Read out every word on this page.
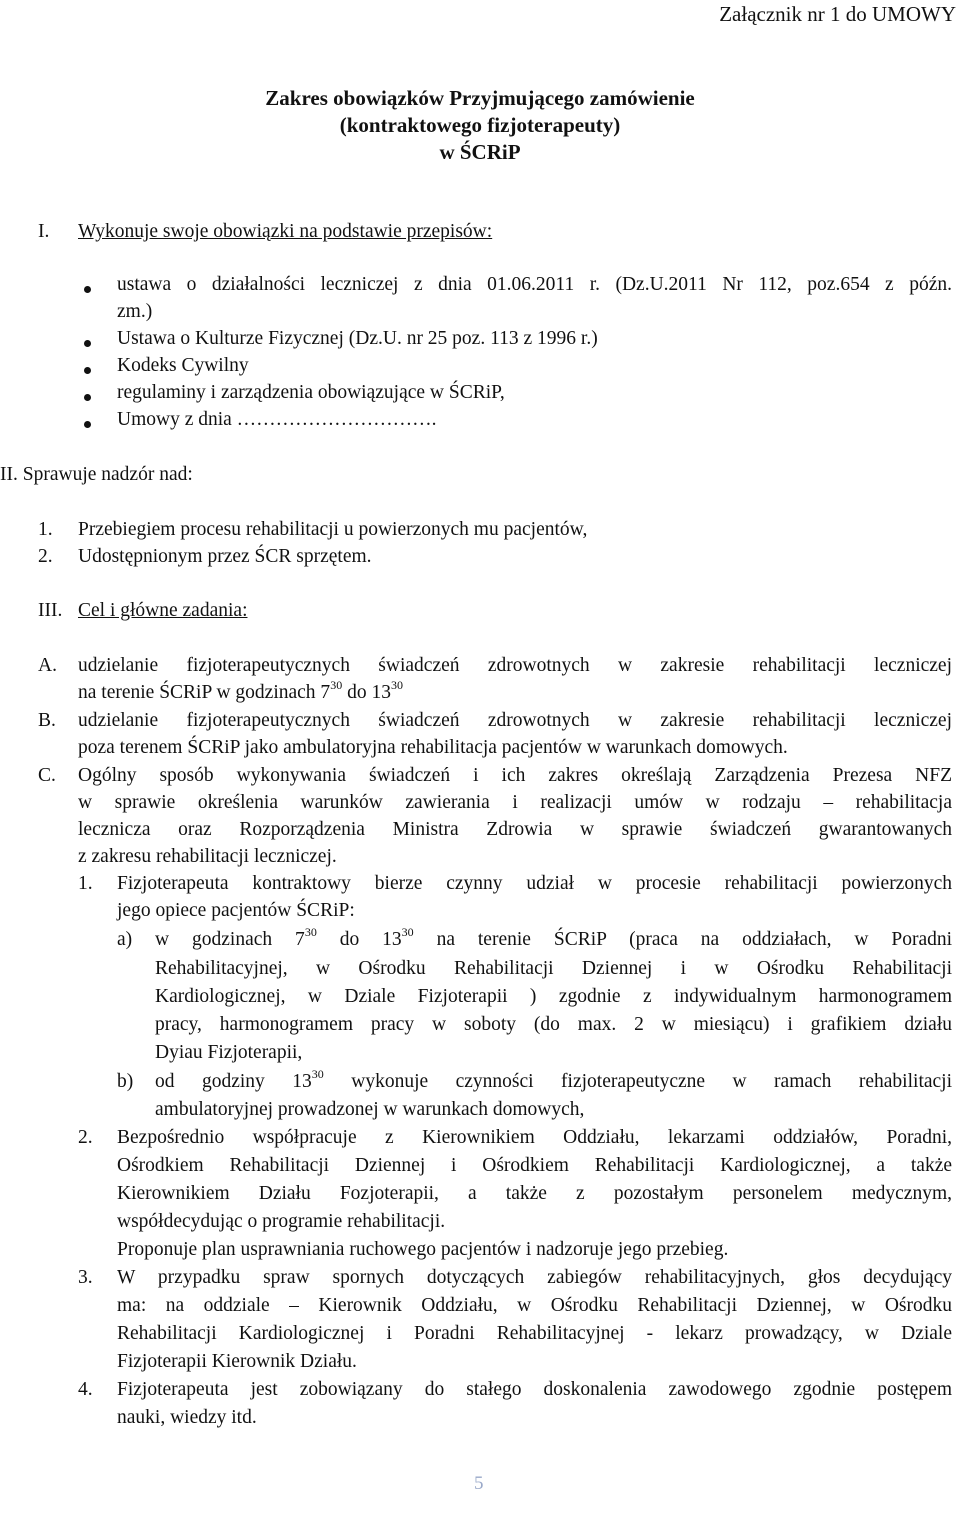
Załącznik nr 1 do UMOWY
Zakres obowiązków Przyjmującego zamówienie
(kontraktowego fizjoterapeuty)
w ŚCRiP
I. Wykonuje swoje obowiązki na podstawie przepisów:
ustawa o działalności leczniczej z dnia 01.06.2011 r. (Dz.U.2011 Nr 112, poz.654 z późn.
zm.)
Ustawa o Kulturze Fizycznej (Dz.U. nr 25 poz. 113 z 1996 r.)
Kodeks Cywilny
regulaminy i zarządzenia obowiązujące w ŚCRiP,
Umowy z dnia ………………………….
II. Sprawuje nadzór nad:
1. Przebiegiem procesu rehabilitacji u powierzonych mu pacjentów,
2. Udostępnionym przez ŚCR sprzętem.
III. Cel i główne zadania:
A. udzielanie fizjoterapeutycznych świadczeń zdrowotnych w zakresie rehabilitacji leczniczej
na terenie ŚCRiP w godzinach $7^{30}$ do $13^{30}$
B. udzielanie fizjoterapeutycznych świadczeń zdrowotnych w zakresie rehabilitacji leczniczej
poza terenem ŚCRiP jako ambulatoryjna rehabilitacja pacjentów w warunkach domowych.
C. Ogólny sposób wykonywania świadczeń i ich zakres określają Zarządzenia Prezesa NFZ
w sprawie określenia warunków zawierania i realizacji umów w rodzaju – rehabilitacja
lecznicza oraz Rozporządzenia Ministra Zdrowia w sprawie świadczeń gwarantowanych
z zakresu rehabilitacji leczniczej.
1. Fizjoterapeuta kontraktowy bierze czynny udział w procesie rehabilitacji powierzonych
jego opiece pacjentów ŚCRiP:
a) w godzinach $7^{30}$ do $13^{30}$ na terenie ŚCRiP (praca na oddziałach, w Poradni
Rehabilitacyjnej, w Ośrodku Rehabilitacji Dziennej i w Ośrodku Rehabilitacji
Kardiologicznej, w Dziale Fizjoterapii ) zgodnie z indywidualnym harmonogramem
pracy, harmonogramem pracy w soboty (do max. 2 w miesiącu) i grafikiem działu
Dyiau Fizjoterapii,
b) od godziny $13^{30}$ wykonuje czynności fizjoterapeutyczne w ramach rehabilitacji
ambulatoryjnej prowadzonej w warunkach domowych,
2. Bezpośrednio współpracuje z Kierownikiem Oddziału, lekarzami oddziałów, Poradni,
Ośrodkiem Rehabilitacji Dziennej i Ośrodkiem Rehabilitacji Kardiologicznej, a także
Kierownikiem Działu Fozjoterapii, a także z pozostałym personelem medycznym,
współdecydując o programie rehabilitacji.
Proponuje plan usprawniania ruchowego pacjentów i nadzoruje jego przebieg.
3. W przypadku spraw spornych dotyczących zabiegów rehabilitacyjnych, głos decydujący
ma: na oddziale – Kierownik Oddziału, w Ośrodku Rehabilitacji Dziennej, w Ośrodku
Rehabilitacji Kardiologicznej i Poradni Rehabilitacyjnej - lekarz prowadzący, w Dziale
Fizjoterapii Kierownik Działu.
4. Fizjoterapeuta jest zobowiązany do stałego doskonalenia zawodowego zgodnie postępem
nauki, wiedzy itd.
5
